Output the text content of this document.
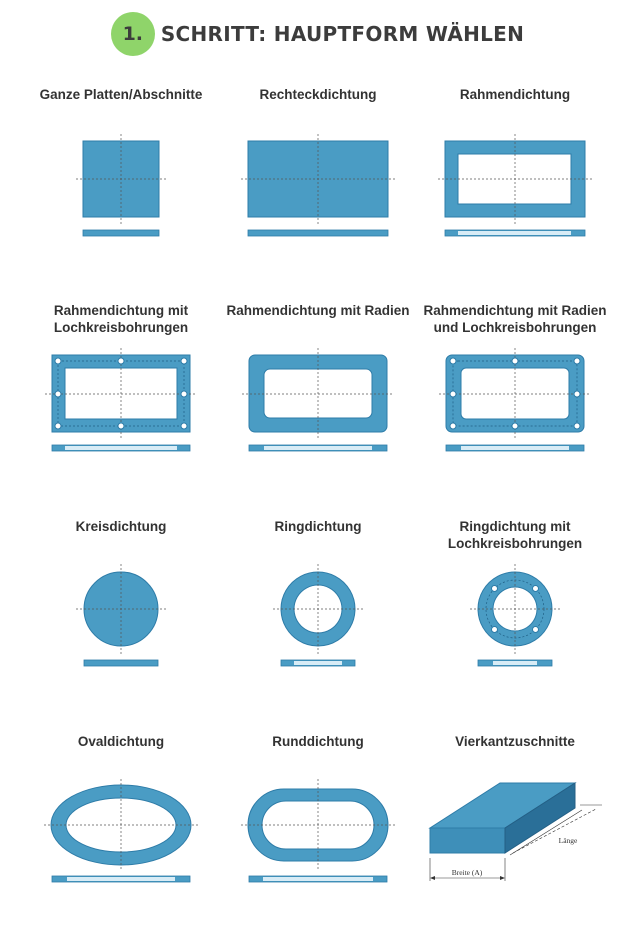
1. SCHRITT: HAUPTFORM WÄHLEN
Ganze Platten/Abschnitte	Rechteckdichtung	Rahmendichtung
Rahmendichtung mit Lochkreisbohrungen
Rahmendichtung mit Radien	Rahmendichtung mit Radien und Lochkreisbohrungen
Kreisdichtung	Ringdichtung	Ringdichtung mit Lochkreisbohrungen
Ovaldichtung	Runddichtung	Vierkantzuschnitte
Breite (A)
Länge
